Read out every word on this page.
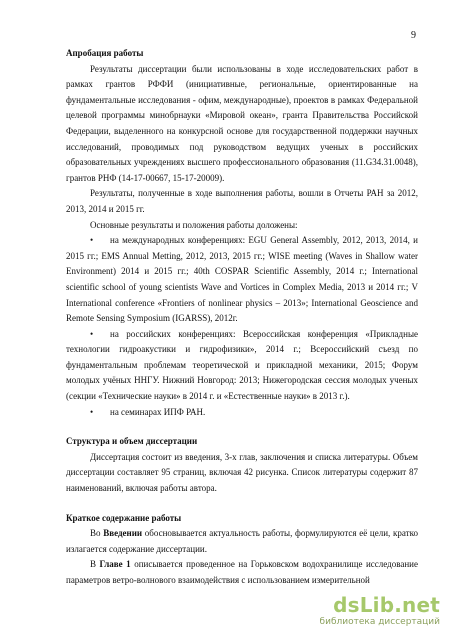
9

Апробация работы

Результаты диссертации были использованы в ходе исследовательских работ в рамках грантов РФФИ (инициативные, региональные, ориентированные на фундаментальные исследования - офим, международные), проектов в рамках Федеральной целевой программы минобрнауки «Мировой океан», гранта Правительства Российской Федерации, выделенного на конкурсной основе для государственной поддержки научных исследований, проводимых под руководством ведущих ученых в российских образовательных учреждениях высшего профессионального образования (11.G34.31.0048), грантов РНФ (14-17-00667, 15-17-20009).

Результаты, полученные в ходе выполнения работы, вошли в Отчеты РАН за 2012, 2013, 2014 и 2015 гг.

Основные результаты и положения работы доложены:

• на международных конференциях: EGU General Assembly, 2012, 2013, 2014, и 2015 гг.; EMS Annual Metting, 2012, 2013, 2015 гг.; WISE meeting (Waves in Shallow water Environment) 2014 и 2015 гг.; 40th COSPAR Scientific Assembly, 2014 г.; International scientific school of young scientists Wave and Vortices in Complex Media, 2013 и 2014 гг.; V International conference «Frontiers of nonlinear physics – 2013»; International Geoscience and Remote Sensing Symposium (IGARSS), 2012г.

• на российских конференциях: Всероссийская конференция «Прикладные технологии гидроакустики и гидрофизики», 2014 г.; Всероссийский съезд по фундаментальным проблемам теоретической и прикладной механики, 2015; Форум молодых учёных ННГУ. Нижний Новгород: 2013; Нижегородская сессия молодых ученых (секции «Технические науки» в 2014 г. и «Естественные науки» в 2013 г.).

• на семинарах ИПФ РАН.

Структура и объем диссертации

Диссертация состоит из введения, 3-х глав, заключения и списка литературы. Объем диссертации составляет 95 страниц, включая 42 рисунка. Список литературы содержит 87 наименований, включая работы автора.

Краткое содержание работы

Во Введении обосновывается актуальность работы, формулируются её цели, кратко излагается содержание диссертации.

В Главе 1 описывается проведенное на Горьковском водохранилище исследование параметров ветро-волнового взаимодействия с использованием измерительной

dsLib.net
библиотека диссертаций
